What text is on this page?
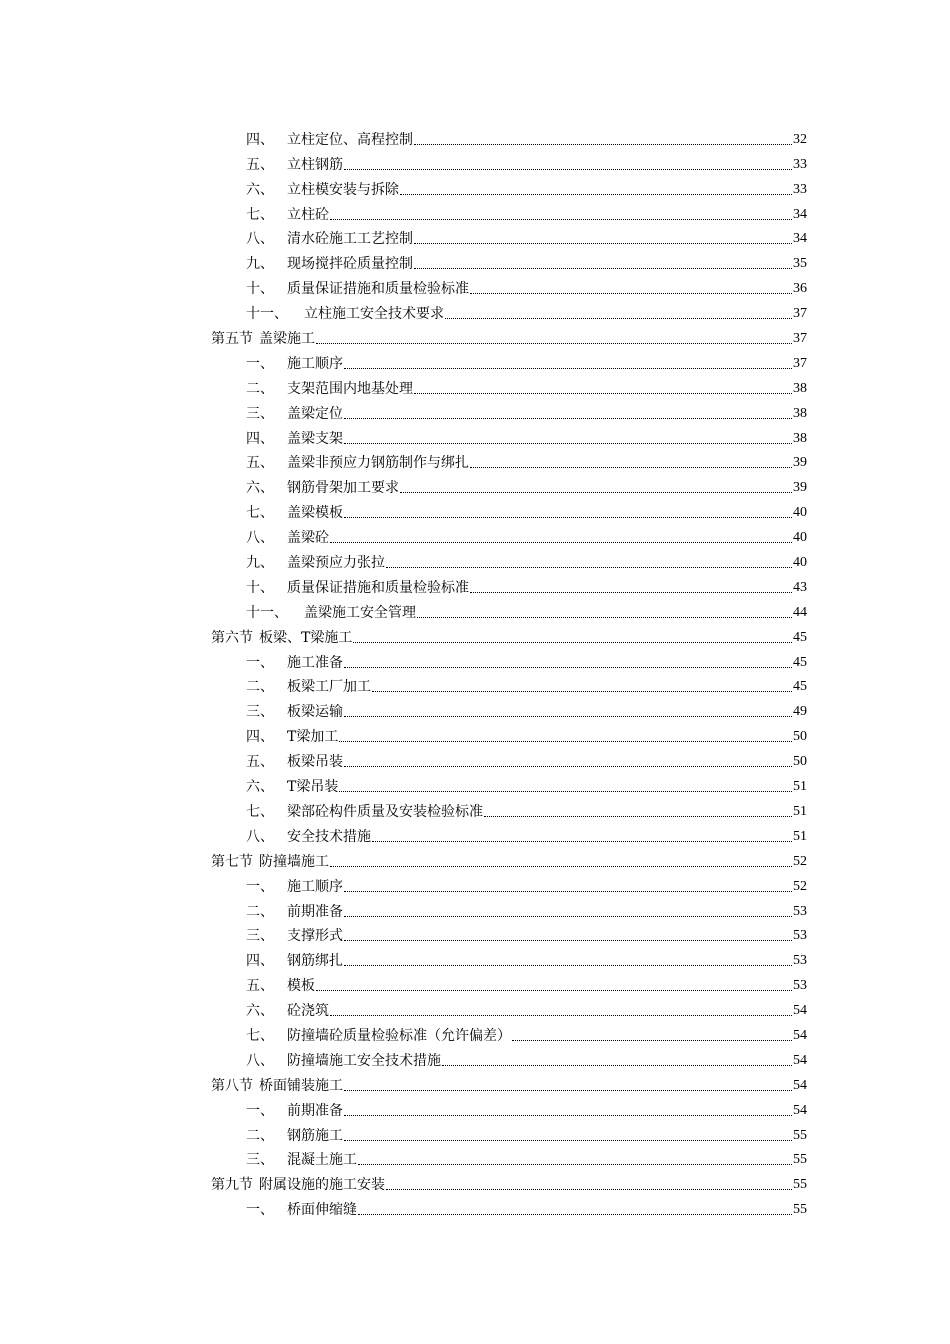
四、 立柱定位、高程控制	32
五、 立柱钢筋	33
六、 立柱模安装与拆除	33
七、 立柱砼	34
八、 清水砼施工工艺控制	34
九、 现场搅拌砼质量控制	35
十、 质量保证措施和质量检验标准	36
十一、	立柱施工安全技术要求	37
第五节 盖梁施工	37
一、 施工顺序	37
二、 支架范围内地基处理	38
三、 盖梁定位	38
四、 盖梁支架	38
五、 盖梁非预应力钢筋制作与绑扎	39
六、 钢筋骨架加工要求	39
七、 盖梁模板	40
八、 盖梁砼	40
九、 盖梁预应力张拉	40
十、 质量保证措施和质量检验标准	43
十一、	盖梁施工安全管理	44
第六节 板梁、T梁施工	45
一、 施工准备	45
二、 板梁工厂加工	45
三、 板梁运输	49
四、 T梁加工	50
五、 板梁吊装	50
六、 T梁吊装	51
七、 梁部砼构件质量及安装检验标准	51
八、 安全技术措施	51
第七节 防撞墙施工	52
一、 施工顺序	52
二、 前期准备	53
三、 支撑形式	53
四、 钢筋绑扎	53
五、 模板	53
六、 砼浇筑	54
七、 防撞墙砼质量检验标准（允许偏差）	54
八、 防撞墙施工安全技术措施	54
第八节 桥面铺装施工	54
一、 前期准备	54
二、 钢筋施工	55
三、 混凝土施工	55
第九节 附属设施的施工安装	55
一、 桥面伸缩缝	55
